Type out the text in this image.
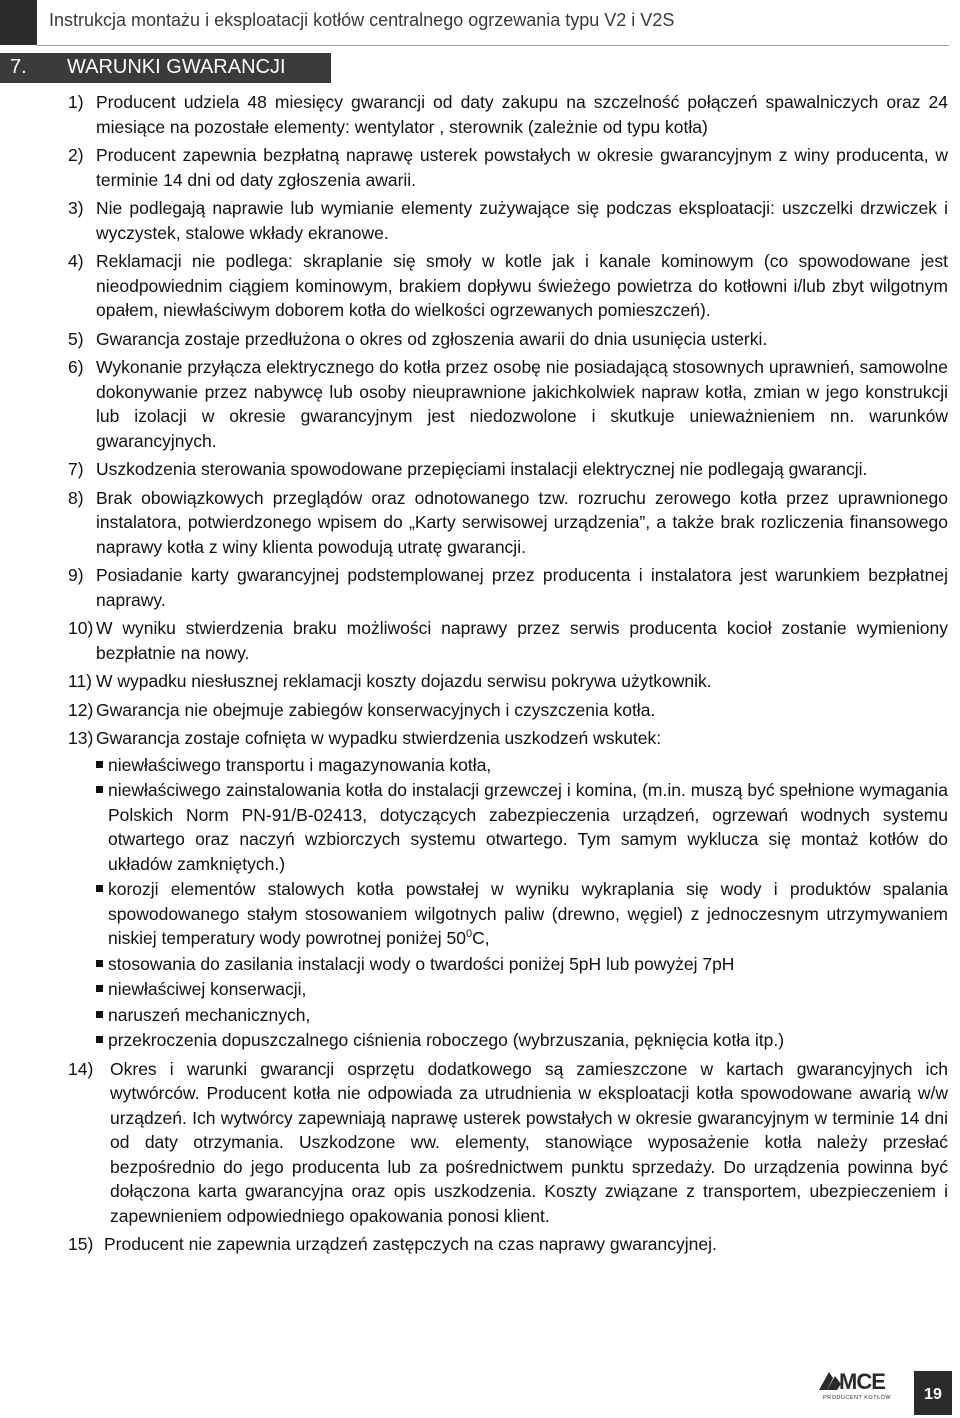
Instrukcja montażu i eksploatacji kotłów centralnego ogrzewania typu V2 i V2S
7. WARUNKI GWARANCJI
1) Producent udziela 48 miesięcy gwarancji od daty zakupu na szczelność połączeń spawalniczych oraz 24 miesiące na pozostałe elementy: wentylator , sterownik (zależnie od typu kotła)
2) Producent zapewnia bezpłatną naprawę usterek powstałych w okresie gwarancyjnym z winy producenta, w terminie 14 dni od daty zgłoszenia awarii.
3) Nie podlegają naprawie lub wymianie elementy zużywające się podczas eksploatacji: uszczelki drzwiczek i wyczystek, stalowe wkłady ekranowe.
4) Reklamacji nie podlega: skraplanie się smoły w kotle jak i kanale kominowym (co spowodowane jest nieodpowiednim ciągiem kominowym, brakiem dopływu świeżego powietrza do kotłowni i/lub zbyt wilgotnym opałem, niewłaściwym doborem kotła do wielkości ogrzewanych pomieszczeń).
5) Gwarancja zostaje przedłużona o okres od zgłoszenia awarii do dnia usunięcia usterki.
6) Wykonanie przyłącza elektrycznego do kotła przez osobę nie posiadającą stosownych uprawnień, samowolne dokonywanie przez nabywcę lub osoby nieuprawnione jakichkolwiek napraw kotła, zmian w jego konstrukcji lub izolacji w okresie gwarancyjnym jest niedozwolone i skutkuje unieważnieniem nn. warunków gwarancyjnych.
7) Uszkodzenia sterowania spowodowane przepięciami instalacji elektrycznej nie podlegają gwarancji.
8) Brak obowiązkowych przeglądów oraz odnotowanego tzw. rozruchu zerowego kotła przez uprawnionego instalatora, potwierdzonego wpisem do „Karty serwisowej urządzenia”, a także brak rozliczenia finansowego naprawy kotła z winy klienta powodują utratę gwarancji.
9) Posiadanie karty gwarancyjnej podstemplowanej przez producenta i instalatora jest warunkiem bezpłatnej naprawy.
10) W wyniku stwierdzenia braku możliwości naprawy przez serwis producenta kocioł zostanie wymieniony bezpłatnie na nowy.
11) W wypadku niesłusznej reklamacji koszty dojazdu serwisu pokrywa użytkownik.
12) Gwarancja nie obejmuje zabiegów konserwacyjnych i czyszczenia kotła.
13) Gwarancja zostaje cofnięta w wypadku stwierdzenia uszkodzeń wskutek:
niewłaściwego transportu i magazynowania kotła,
niewłaściwego zainstalowania kotła do instalacji grzewczej i komina, (m.in. muszą być spełnione wymagania Polskich Norm PN-91/B-02413, dotyczących zabezpieczenia urządzeń, ogrzewań wodnych systemu otwartego oraz naczyń wzbiorczych systemu otwartego. Tym samym wyklucza się montaż kotłów do układów zamkniętych.)
korozji elementów stalowych kotła powstałej w wyniku wykraplania się wody i produktów spalania spowodowanego stałym stosowaniem wilgotnych paliw (drewno, węgiel) z jednoczesnym utrzymywaniem niskiej temperatury wody powrotnej poniżej $50^0C$,
stosowania do zasilania instalacji wody o twardości poniżej 5pH lub powyżej 7pH
niewłaściwej konserwacji,
naruszeń mechanicznych,
przekroczenia dopuszczalnego ciśnienia roboczego (wybrzuszania, pęknięcia kotła itp.)
14) Okres i warunki gwarancji osprzętu dodatkowego są zamieszczone w kartach gwarancyjnych ich wytwórców. Producent kotła nie odpowiada za utrudnienia w eksploatacji kotła spowodowane awarią w/w urządzeń. Ich wytwórcy zapewniają naprawę usterek powstałych w okresie gwarancyjnym w terminie 14 dni od daty otrzymania. Uszkodzone ww. elementy, stanowiące wyposażenie kotła należy przesłać bezpośrednio do jego producenta lub za pośrednictwem punktu sprzedaży. Do urządzenia powinna być dołączona karta gwarancyjna oraz opis uszkodzenia. Koszty związane z transportem, ubezpieczeniem i zapewnieniem odpowiedniego opakowania ponosi klient.
15) Producent nie zapewnia urządzeń zastępczych na czas naprawy gwarancyjnej.
MCE
PRODUCENT KOTŁÓW	19
